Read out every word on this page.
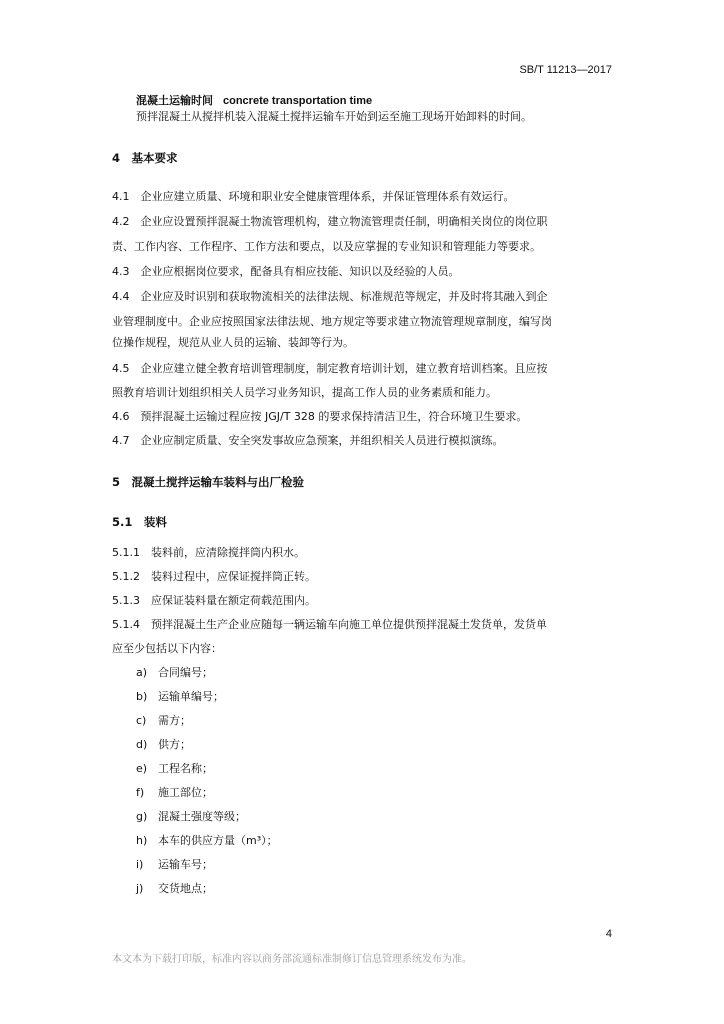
SB/T 11213—2017
混凝土运输时间 concrete transportation time
预拌混凝土从搅拌机装入混凝土搅拌运输车开始到运至施工现场开始卸料的时间。
4　基本要求
4.1　企业应建立质量、环境和职业安全健康管理体系，并保证管理体系有效运行。
4.2　企业应设置预拌混凝土物流管理机构，建立物流管理责任制，明确相关岗位的岗位职
责、工作内容、工作程序、工作方法和要点，以及应掌握的专业知识和管理能力等要求。
4.3　企业应根据岗位要求，配备具有相应技能、知识以及经验的人员。
4.4　企业应及时识别和获取物流相关的法律法规、标准规范等规定，并及时将其融入到企
业管理制度中。企业应按照国家法律法规、地方规定等要求建立物流管理规章制度，编写岗
位操作规程，规范从业人员的运输、装卸等行为。
4.5　企业应建立健全教育培训管理制度，制定教育培训计划，建立教育培训档案。且应按
照教育培训计划组织相关人员学习业务知识，提高工作人员的业务素质和能力。
4.6　预拌混凝土运输过程应按 JGJ/T 328 的要求保持清洁卫生，符合环境卫生要求。
4.7　企业应制定质量、安全突发事故应急预案，并组织相关人员进行模拟演练。
5　混凝土搅拌运输车装料与出厂检验
5.1　装料
5.1.1　装料前，应清除搅拌筒内积水。
5.1.2　装料过程中，应保证搅拌筒正转。
5.1.3　应保证装料量在额定荷载范围内。
5.1.4　预拌混凝土生产企业应随每一辆运输车向施工单位提供预拌混凝土发货单，发货单
应至少包括以下内容：
a) 合同编号；
b) 运输单编号；
c) 需方；
d) 供方；
e) 工程名称；
f) 施工部位；
g) 混凝土强度等级；
h) 本车的供应方量（m³）；
i) 运输车号；
j) 交货地点；
4
本文本为下载打印版，标准内容以商务部流通标准制修订信息管理系统发布为准。
